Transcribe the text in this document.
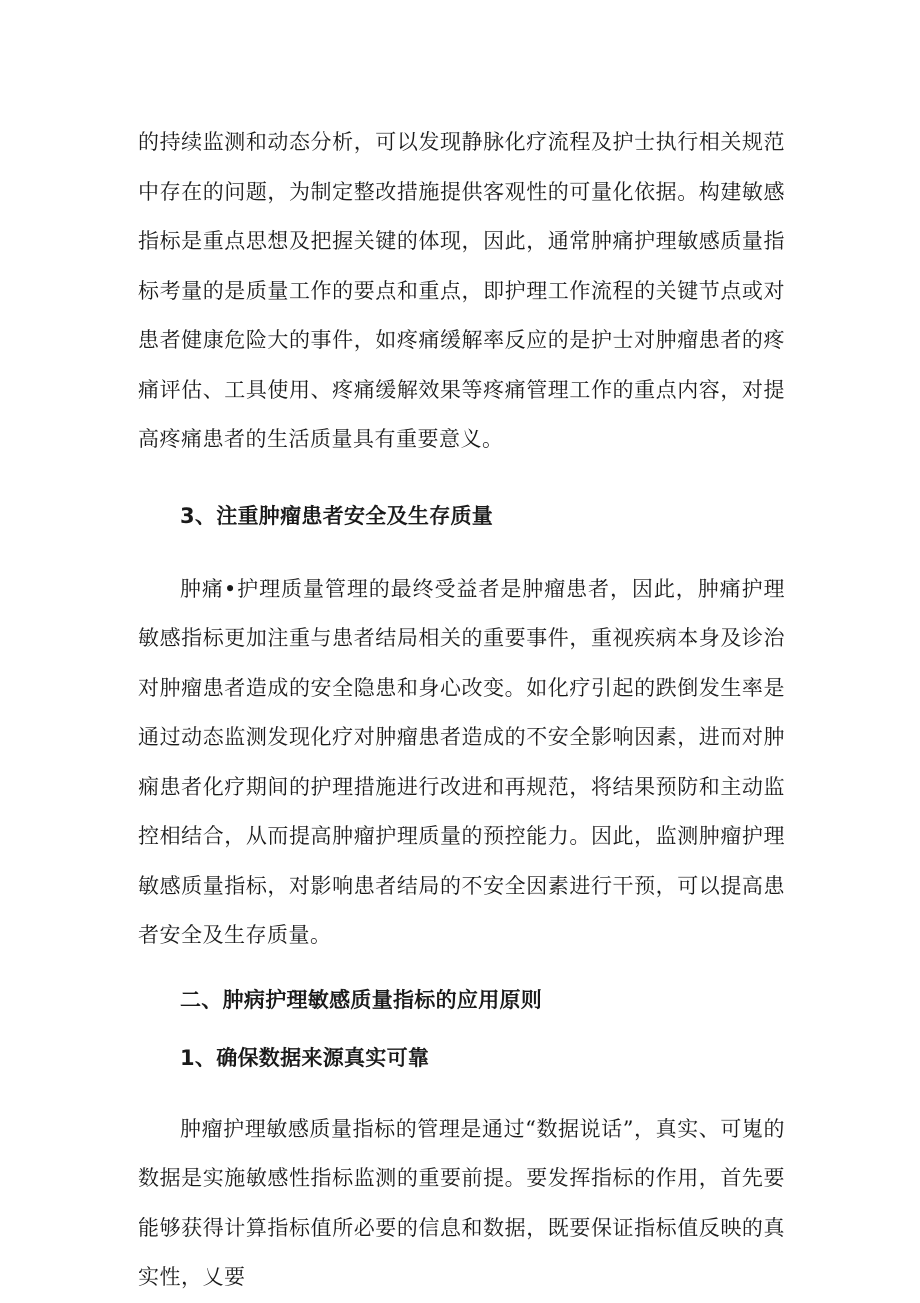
的持续监测和动态分析，可以发现静脉化疗流程及护士执行相关规范中存在的问题，为制定整改措施提供客观性的可量化依据。构建敏感指标是重点思想及把握关键的体现，因此，通常肿痛护理敏感质量指标考量的是质量工作的要点和重点，即护理工作流程的关键节点或对患者健康危险大的事件，如疼痛缓解率反应的是护士对肿瘤患者的疼痛评估、工具使用、疼痛缓解效果等疼痛管理工作的重点内容，对提高疼痛患者的生活质量具有重要意义。

3、注重肿瘤患者安全及生存质量

肿痛•护理质量管理的最终受益者是肿瘤患者，因此，肿痛护理敏感指标更加注重与患者结局相关的重要事件，重视疾病本身及诊治对肿瘤患者造成的安全隐患和身心改变。如化疗引起的跌倒发生率是通过动态监测发现化疗对肿瘤患者造成的不安全影响因素，进而对肿痫患者化疗期间的护理措施进行改进和再规范，将结果预防和主动监控相结合，从而提高肿瘤护理质量的预控能力。因此，监测肿瘤护理敏感质量指标，对影响患者结局的不安全因素进行干预，可以提高患者安全及生存质量。

二、肿病护理敏感质量指标的应用原则
1、确保数据来源真实可靠

肿瘤护理敏感质量指标的管理是通过“数据说话”，真实、可嵬的数据是实施敏感性指标监测的重要前提。要发挥指标的作用，首先要能够获得计算指标值所必要的信息和数据，既要保证指标值反映的真实性，乂要
